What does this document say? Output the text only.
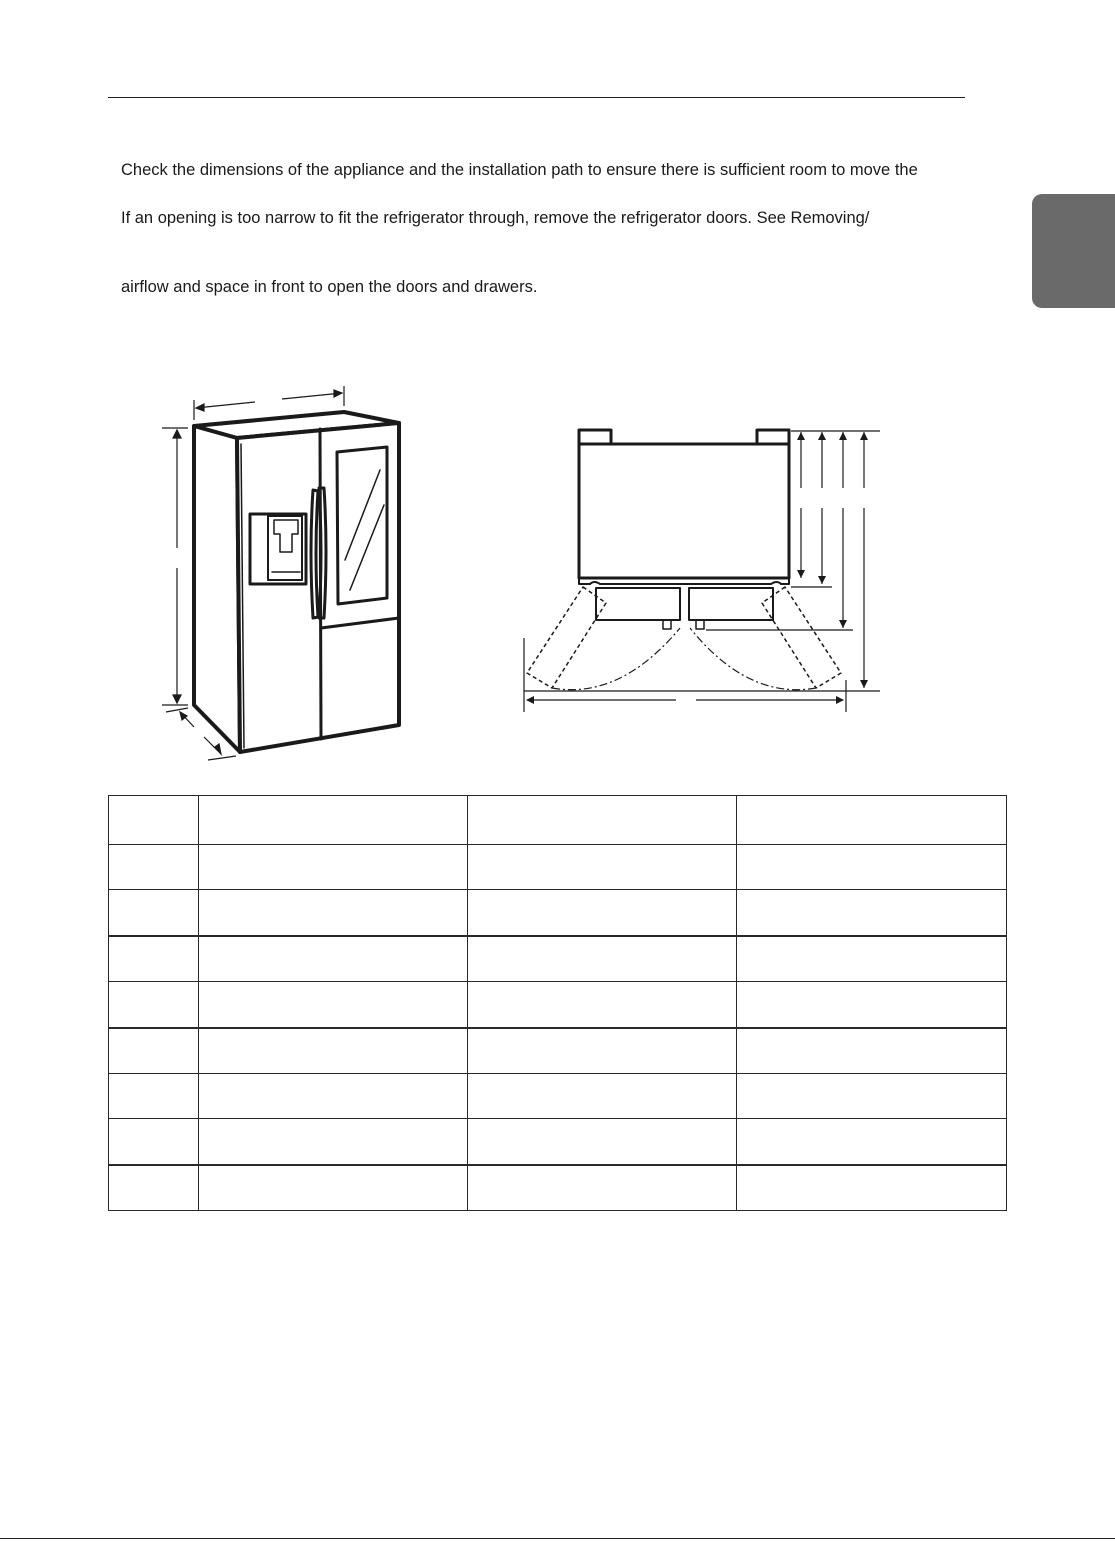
Check the dimensions of the appliance and the installation path to ensure there is sufficient room to move the

If an opening is too narrow to fit the refrigerator through, remove the refrigerator doors. See Removing/

airflow and space in front to open the doors and drawers.
